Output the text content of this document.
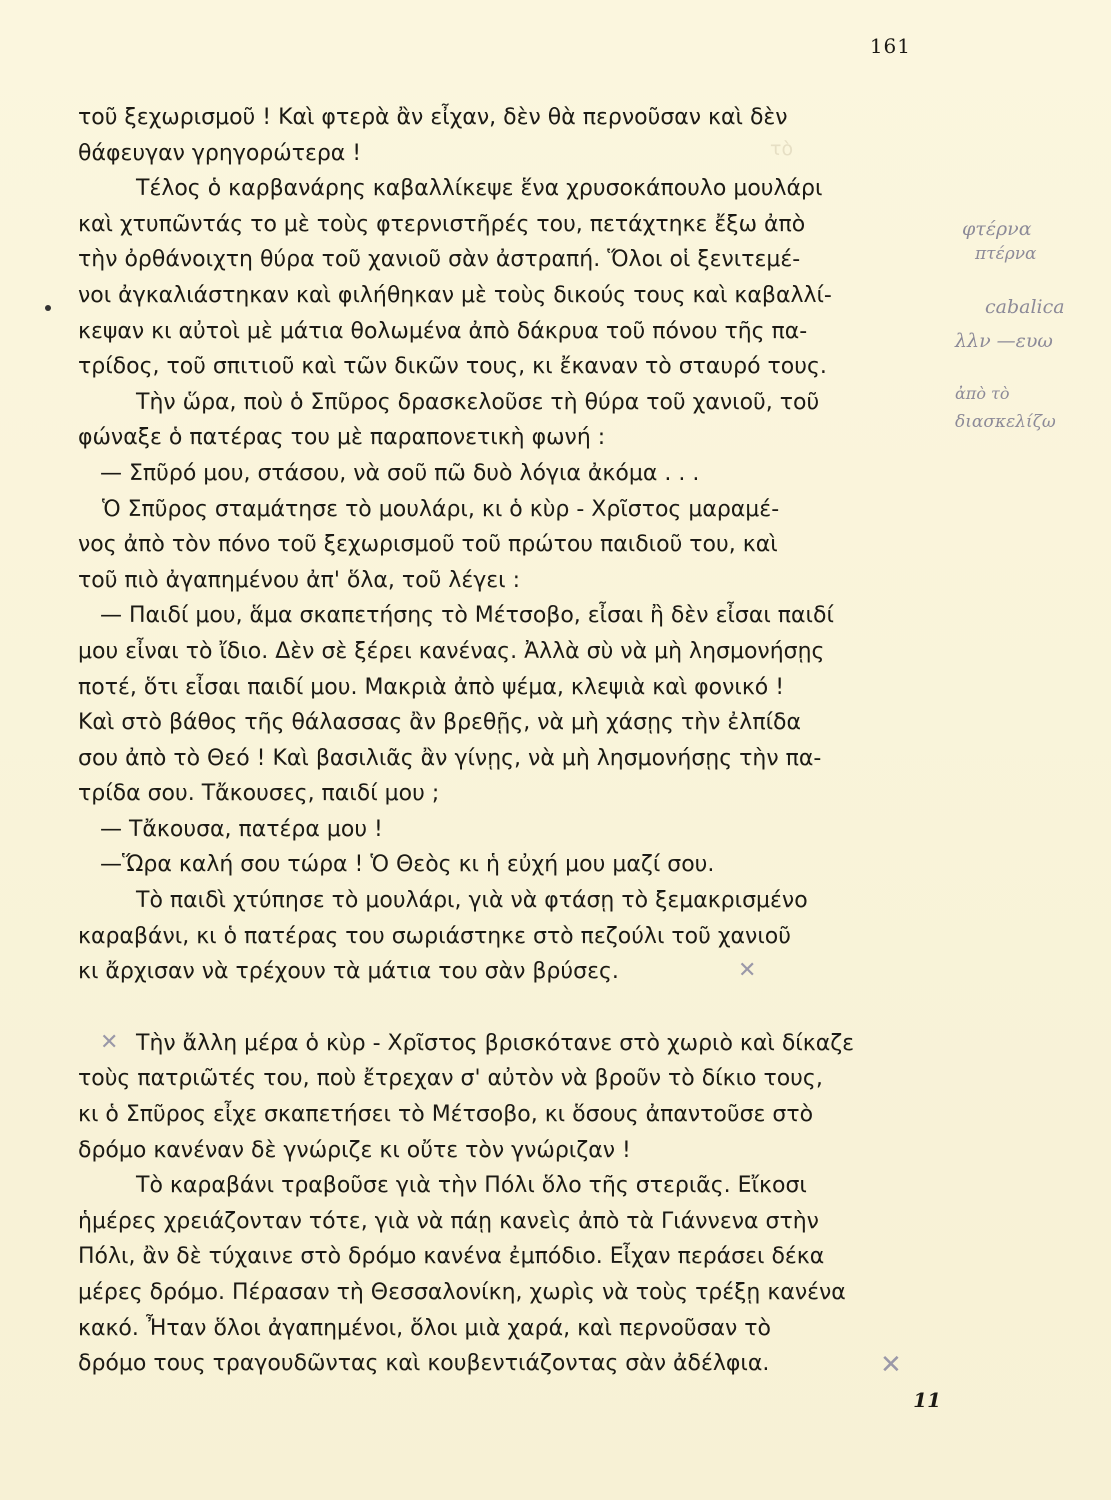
161
τὸ
τοῦ ξεχωρισμοῦ ! Καὶ φτερὰ ἂν εἶχαν, δὲν θὰ περνοῦσαν καὶ δὲν
θάφευγαν γρηγορώτερα !
Τέλος ὁ καρβανάρης καβαλλίκεψε ἕνα χρυσοκάπουλο μουλάρι
καὶ χτυπῶντάς το μὲ τοὺς φτερνιστῆρές του, πετάχτηκε ἔξω ἀπὸ
τὴν ὀρθάνοιχτη θύρα τοῦ χανιοῦ σὰν ἀστραπή. Ὅλοι οἱ ξενιτεμέ-
νοι ἀγκαλιάστηκαν καὶ φιλήθηκαν μὲ τοὺς δικούς τους καὶ καβαλλί-
κεψαν κι αὐτοὶ μὲ μάτια θολωμένα ἀπὸ δάκρυα τοῦ πόνου τῆς πα-
τρίδος, τοῦ σπιτιοῦ καὶ τῶν δικῶν τους, κι ἔκαναν τὸ σταυρό τους.
Τὴν ὥρα, ποὺ ὁ Σπῦρος δρασκελοῦσε τὴ θύρα τοῦ χανιοῦ, τοῦ
φώναξε ὁ πατέρας του μὲ παραπονετικὴ φωνή :
— Σπῦρό μου, στάσου, νὰ σοῦ πῶ δυὸ λόγια ἀκόμα . . .
Ὁ Σπῦρος σταμάτησε τὸ μουλάρι, κι ὁ κὺρ - Χρῖστος μαραμέ-
νος ἀπὸ τὸν πόνο τοῦ ξεχωρισμοῦ τοῦ πρώτου παιδιοῦ του, καὶ
τοῦ πιὸ ἀγαπημένου ἀπ' ὅλα, τοῦ λέγει :
— Παιδί μου, ἅμα σκαπετήσης τὸ Μέτσοβο, εἶσαι ἢ δὲν εἶσαι παιδί
μου εἶναι τὸ ἴδιο. Δὲν σὲ ξέρει κανένας. Ἀλλὰ σὺ νὰ μὴ λησμονήσῃς
ποτέ, ὅτι εἶσαι παιδί μου. Μακριὰ ἀπὸ ψέμα, κλεψιὰ καὶ φονικό !
Καὶ στὸ βάθος τῆς θάλασσας ἂν βρεθῇς, νὰ μὴ χάσῃς τὴν ἐλπίδα
σου ἀπὸ τὸ Θεό ! Καὶ βασιλιᾶς ἂν γίνῃς, νὰ μὴ λησμονήσῃς τὴν πα-
τρίδα σου. Τἄκουσες, παιδί μου ;
— Τἄκουσα, πατέρα μου !
—Ὥρα καλή σου τώρα ! Ὁ Θεὸς κι ἡ εὐχή μου μαζί σου.
Τὸ παιδὶ χτύπησε τὸ μουλάρι, γιὰ νὰ φτάσῃ τὸ ξεμακρισμένο
καραβάνι, κι ὁ πατέρας του σωριάστηκε στὸ πεζούλι τοῦ χανιοῦ
κι ἄρχισαν νὰ τρέχουν τὰ μάτια του σὰν βρύσες.
Τὴν ἄλλη μέρα ὁ κὺρ - Χρῖστος βρισκότανε στὸ χωριὸ καὶ δίκαζε
τοὺς πατριῶτές του, ποὺ ἔτρεχαν σ' αὐτὸν νὰ βροῦν τὸ δίκιο τους,
κι ὁ Σπῦρος εἶχε σκαπετήσει τὸ Μέτσοβο, κι ὅσους ἀπαντοῦσε στὸ
δρόμο κανέναν δὲ γνώριζε κι οὔτε τὸν γνώριζαν !
Τὸ καραβάνι τραβοῦσε γιὰ τὴν Πόλι ὅλο τῆς στεριᾶς. Εἴκοσι
ἡμέρες χρειάζονταν τότε, γιὰ νὰ πάῃ κανεὶς ἀπὸ τὰ Γιάννενα στὴν
Πόλι, ἂν δὲ τύχαινε στὸ δρόμο κανένα ἐμπόδιο. Εἶχαν περάσει δέκα
μέρες δρόμο. Πέρασαν τὴ Θεσσαλονίκη, χωρὶς νὰ τοὺς τρέξῃ κανένα
κακό. Ἦταν ὅλοι ἀγαπημένοι, ὅλοι μιὰ χαρά, καὶ περνοῦσαν τὸ
δρόμο τους τραγουδῶντας καὶ κουβεντιάζοντας σὰν ἀδέλφια.
φτέρνα
πτέρνα
cabalica
λλν —ευω
ἀπὸ τὸ
διασκελίζω
✕
✕
✕
11
